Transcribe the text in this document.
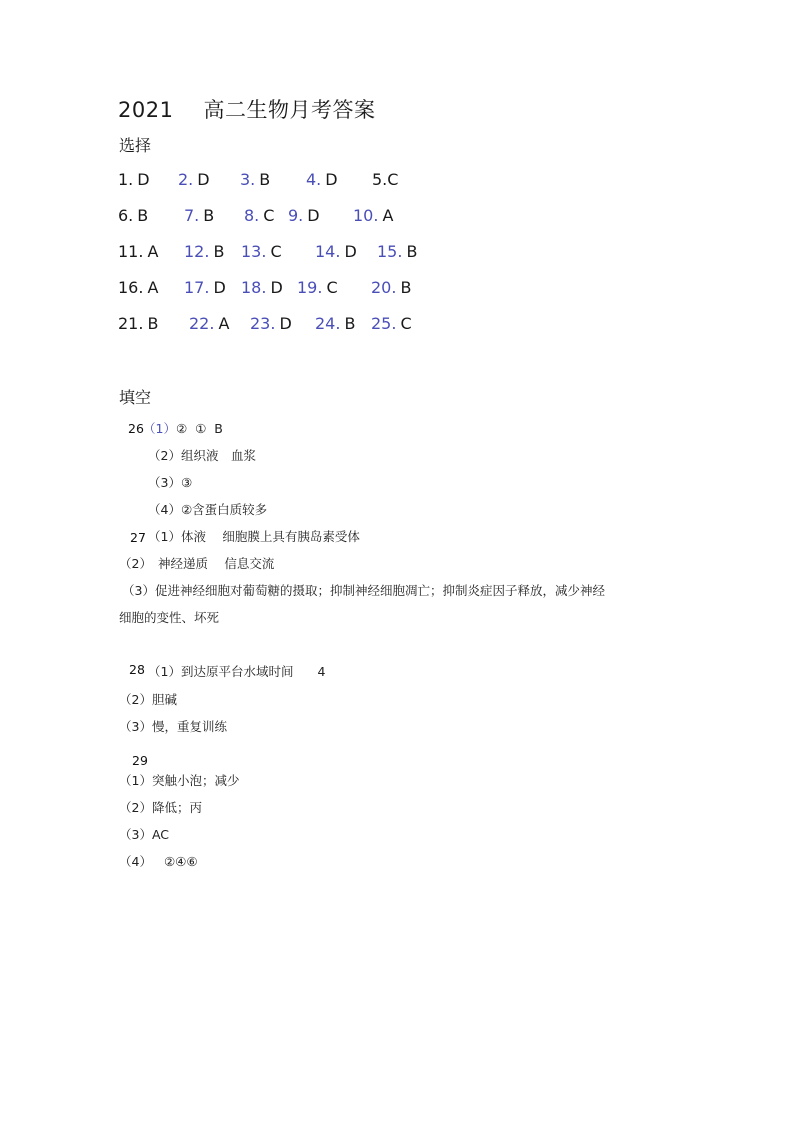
2021 高二生物月考答案
选择
1. D 2. D 3. B 4. D 5.C
6. B 7. B 8. C 9. D 10. A
11. A 12. B 13. C 14. D 15. B
16. A 17. D 18. D 19. C 20. B
21. B 22. A 23. D 24. B 25. C
填空
26 （1）② ① B
（2）组织液　血浆
（3）③
（4）②含蛋白质较多
27 （1）体液　 细胞膜上具有胰岛素受体
（2） 神经递质　 信息交流
（3）促进神经细胞对葡萄糖的摄取；抑制神经细胞凋亡；抑制炎症因子释放，减少神经
细胞的变性、坏死
28 （1）到达原平台水域时间 4
（2）胆碱
（3）慢，重复训练
29
（1）突触小泡；减少
（2）降低；丙
（3）AC
（4） ②④⑥
